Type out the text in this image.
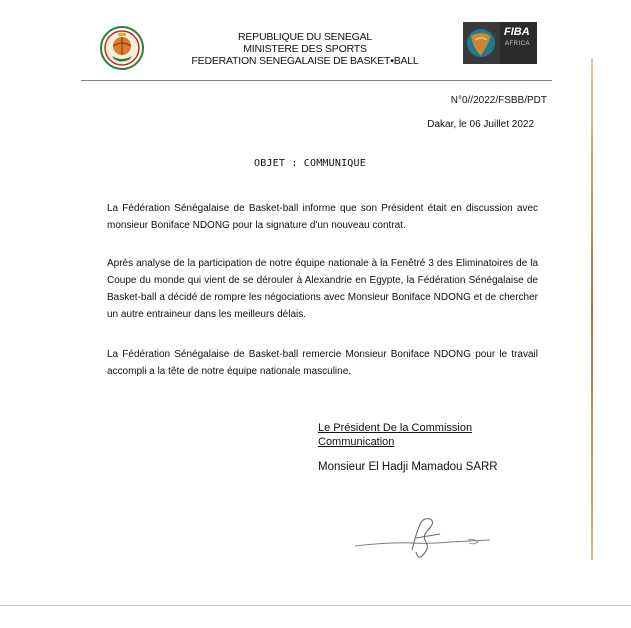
REPUBLIQUE DU SENEGAL
MINISTERE DES SPORTS
FEDERATION SENEGALAISE DE BASKET•BALL
FIBA
AFRICA
N°0//2022/FSBB/PDT
Dakar, le 06 Juillet 2022
OBJET : COMMUNIQUE
La Fédération Sénégalaise de Basket-ball informe que son Président était en discussion avec monsieur Boniface NDONG pour la signature d'un nouveau contrat.
Après analyse de la participation de notre équipe nationale à la Fenêtré 3 des Eliminatoires de la Coupe du monde qui vient de se dérouler à Alexandrie en Egypte, la Fédération Sénégalaise de Basket-ball a décidé de rompre les négociations avec Monsieur Boniface NDONG et de chercher un autre entraineur dans les meilleurs délais.
La Fédération Sénégalaise de Basket-ball remercie Monsieur Boniface NDONG pour le travail accompli a la tête de notre équipe nationale masculine.
Le Président De la Commission
Communication
Monsieur El Hadji Mamadou SARR
